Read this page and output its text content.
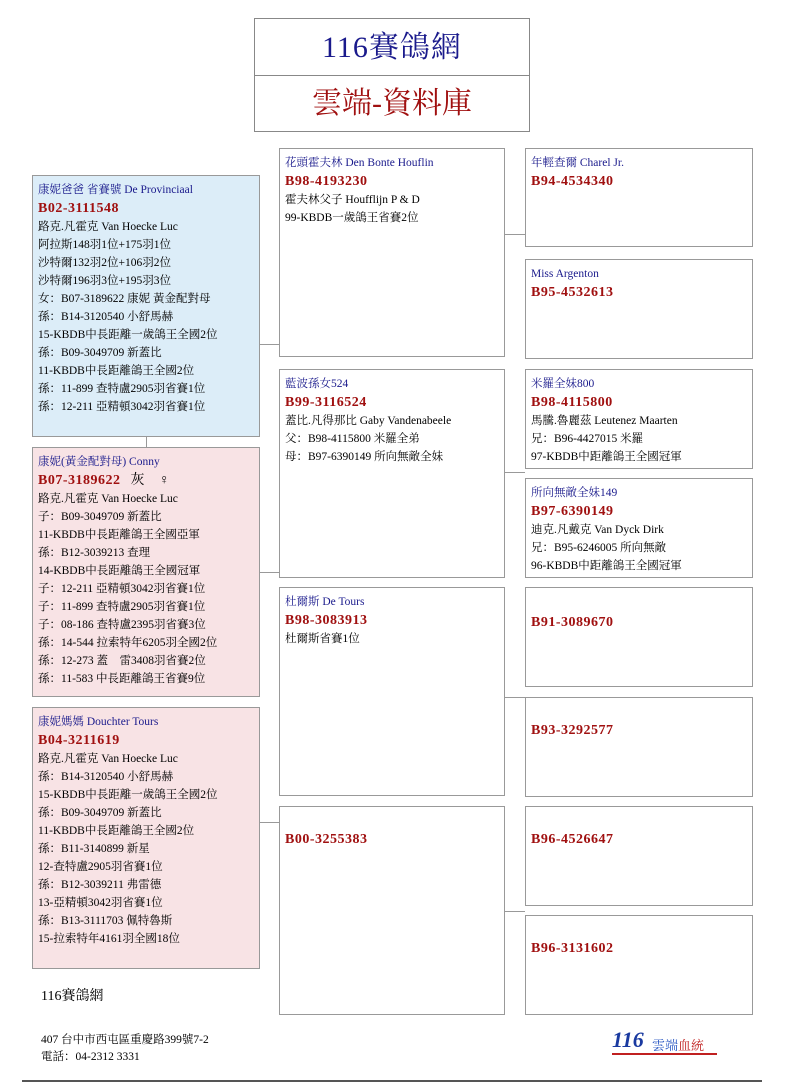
116賽鴿網
雲端-資料庫
康妮爸爸 省賽號 De Provinciaal
B02-3111548
路克.凡霍克 Van Hoecke Luc
阿拉斯148羽1位+175羽1位
沙特爾132羽2位+106羽2位
沙特爾196羽3位+195羽3位
女：B07-3189622 康妮 黃金配對母
孫：B14-3120540 小舒馬赫
15-KBDB中長距離一歲鴿王全國2位
孫：B09-3049709 新蓋比
11-KBDB中長距離鴿王全國2位
孫：11-899 查特盧2905羽省賽1位
孫：12-211 亞精頓3042羽省賽1位
康妮(黃金配對母) Conny
B07-3189622 灰 ♀
路克.凡霍克 Van Hoecke Luc
子：B09-3049709 新蓋比
11-KBDB中長距離鴿王全國亞軍
孫：B12-3039213 查理
14-KBDB中長距離鴿王全國冠軍
子：12-211 亞精頓3042羽省賽1位
子：11-899 查特盧2905羽省賽1位
子：08-186 查特盧2395羽省賽3位
孫：14-544 拉索特年6205羽全國2位
孫：12-273 蓋　雷3408羽省賽2位
孫：11-583 中長距離鴿王省賽9位
康妮媽媽 Douchter Tours
B04-3211619
路克.凡霍克 Van Hoecke Luc
孫：B14-3120540 小舒馬赫
15-KBDB中長距離一歲鴿王全國2位
孫：B09-3049709 新蓋比
11-KBDB中長距離鴿王全國2位
孫：B11-3140899 新星
12-查特盧2905羽省賽1位
孫：B12-3039211 弗雷德
13-亞精頓3042羽省賽1位
孫：B13-3111703 佩特魯斯
15-拉索特年4161羽全國18位
花頭霍夫林 Den Bonte Houflin
B98-4193230
霍夫林父子 Houfflijn P & D
99-KBDB一歲鴿王省賽2位
藍波孫女524
B99-3116524
蓋比.凡得那比 Gaby Vandenabeele
父：B98-4115800 米羅全弟
母：B97-6390149 所向無敵全妹
杜爾斯 De Tours
B98-3083913
杜爾斯省賽1位
B00-3255383
年輕查爾 Charel Jr.
B94-4534340
Miss Argenton
B95-4532613
米羅全妹800
B98-4115800
馬騰.魯麗茲 Leutenez Maarten
兄：B96-4427015 米羅
97-KBDB中距離鴿王全國冠軍
所向無敵全妹149
B97-6390149
迪克.凡戴克 Van Dyck Dirk
兄：B95-6246005 所向無敵
96-KBDB中距離鴿王全國冠軍
B91-3089670
B93-3292577
B96-4526647
B96-3131602
116賽鴿網
407 台中市西屯區重慶路399號7-2
電話：04-2312 3331
116 雲端血統
